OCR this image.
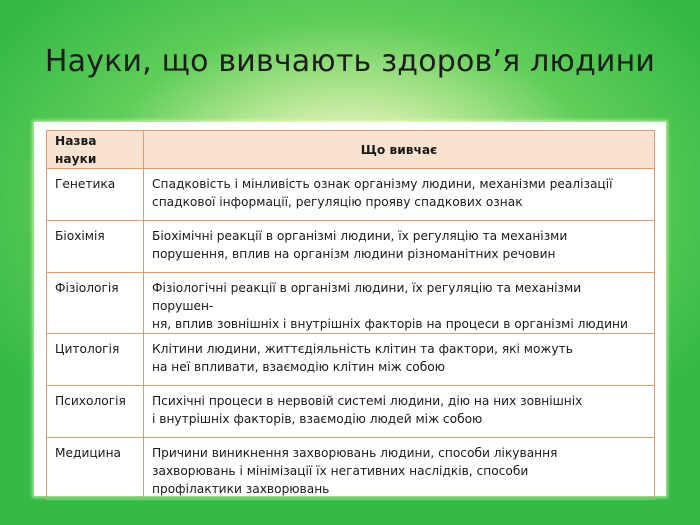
Науки, що вивчають здоров’я людини
Назва науки	Що вивчає
Генетика	Спадковість і мінливість ознак організму людини, механізми реалізації
спадкової інформації, регуляцію прояву спадкових ознак

Біохімія	Біохімічні реакції в організмі людини, їх регуляцію та механізми
порушення, вплив на організм людини різноманітних речовин

Фізіологія	Фізіологічні реакції в організмі людини, їх регуляцію та механізми порушен-
ня, вплив зовнішніх і внутрішніх факторів на процеси в організмі людини

Цитологія	Клітини людини, життєдіяльність клітин та фактори, які можуть
на неї впливати, взаємодію клітин між собою

Психологія	Психічні процеси в нервовій системі людини, дію на них зовнішніх
і внутрішніх факторів, взаємодію людей між собою

Медицина	Причини виникнення захворювань людини, способи лікування
захворювань і мінімізації їх негативних наслідків, способи
профілактики захворювань
